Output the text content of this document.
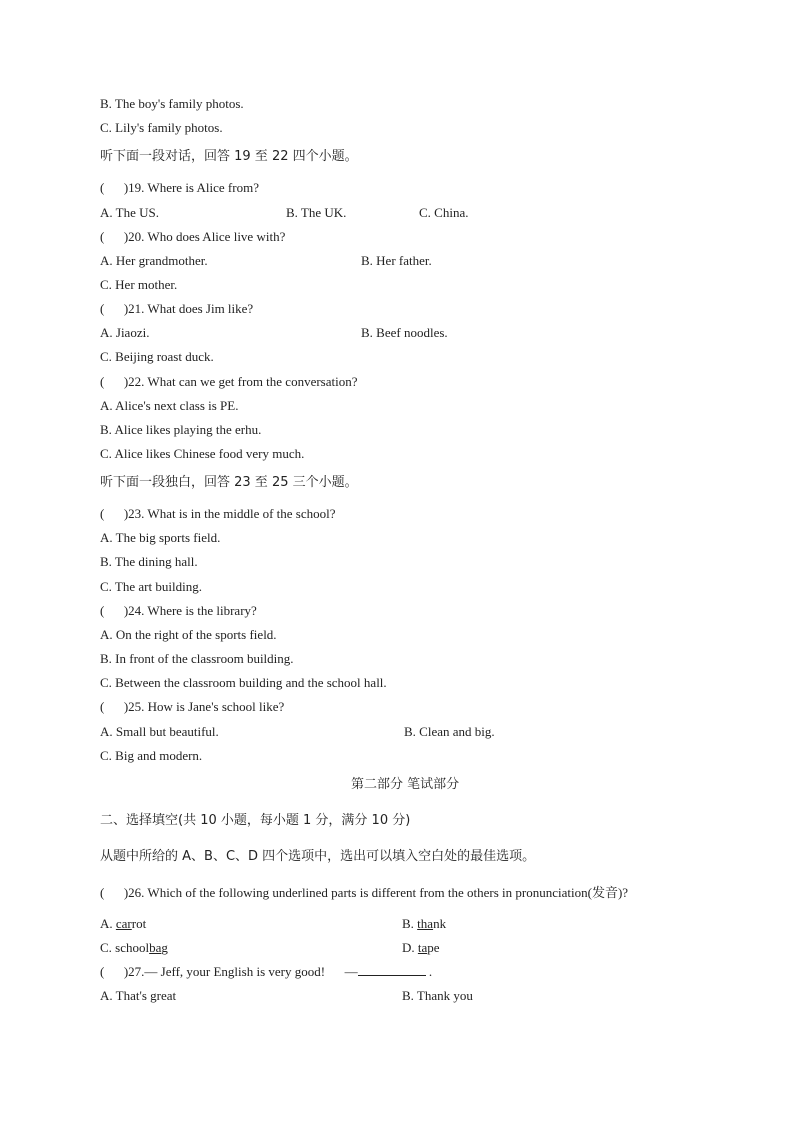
B. The boy's family photos.
C. Lily's family photos.
听下面一段对话，回答 19 至 22 四个小题。
(      )19. Where is Alice from?
A. The US.	B. The UK.	C. China.
(      )20. Who does Alice live with?
A. Her grandmother.	B. Her father.
C. Her mother.
(      )21. What does Jim like?
A. Jiaozi.	B. Beef noodles.
C. Beijing roast duck.
(      )22. What can we get from the conversation?
A. Alice's next class is PE.
B. Alice likes playing the erhu.
C. Alice likes Chinese food very much.
听下面一段独白，回答 23 至 25 三个小题。
(      )23. What is in the middle of the school?
A. The big sports field.
B. The dining hall.
C. The art building.
(      )24. Where is the library?
A. On the right of the sports field.
B. In front of the classroom building.
C. Between the classroom building and the school hall.
(      )25. How is Jane's school like?
A. Small but beautiful.	B. Clean and big.
C. Big and modern.
第二部分 笔试部分
二、选择填空(共 10 小题，每小题 1 分，满分 10 分)
从题中所给的 A、B、C、D 四个选项中，选出可以填入空白处的最佳选项。
(      )26. Which of the following underlined parts is different from the others in pronunciation(发音)?
A. carrot	B. thank
C. schoolbag	D. tape
(      )27.— Jeff, your English is very good!      —	.
A. That's great	B. Thank you
